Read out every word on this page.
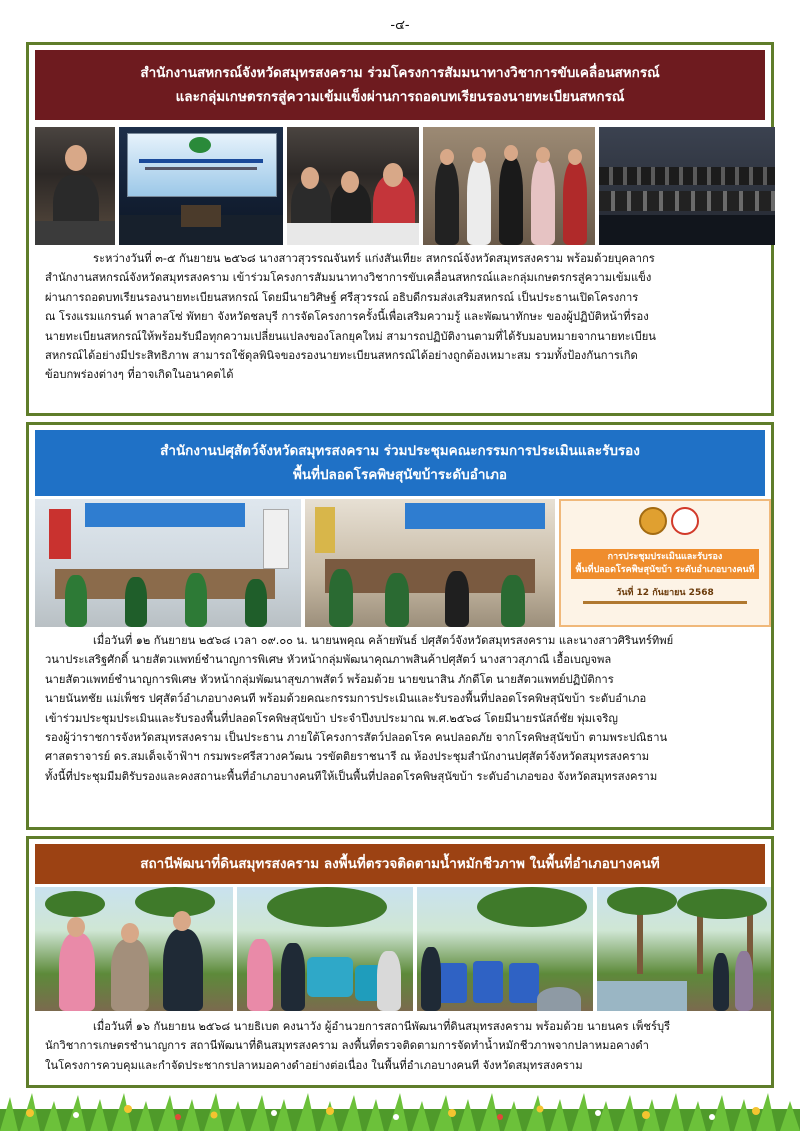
-๔-
สำนักงานสหกรณ์จังหวัดสมุทรสงคราม ร่วมโครงการสัมมนาทางวิชาการขับเคลื่อนสหกรณ์
และกลุ่มเกษตรกรสู่ความเข้มแข็งผ่านการถอดบทเรียนรองนายทะเบียนสหกรณ์
ระหว่างวันที่ ๓-๕ กันยายน ๒๕๖๘ นางสาวสุวรรณจันทร์ แก่งสันเทียะ สหกรณ์จังหวัดสมุทรสงคราม พร้อมด้วยบุคลากร
สำนักงานสหกรณ์จังหวัดสมุทรสงคราม เข้าร่วมโครงการสัมมนาทางวิชาการขับเคลื่อนสหกรณ์และกลุ่มเกษตรกรสู่ความเข้มแข็ง
ผ่านการถอดบทเรียนรองนายทะเบียนสหกรณ์ โดยมีนายวิศิษฐ์ ศรีสุวรรณ์ อธิบดีกรมส่งเสริมสหกรณ์ เป็นประธานเปิดโครงการ
ณ โรงแรมแกรนด์ พาลาสโซ่ พัทยา จังหวัดชลบุรี การจัดโครงการครั้งนี้เพื่อเสริมความรู้ และพัฒนาทักษะ ของผู้ปฏิบัติหน้าที่รอง
นายทะเบียนสหกรณ์ให้พร้อมรับมือทุกความเปลี่ยนแปลงของโลกยุคใหม่ สามารถปฏิบัติงานตามที่ได้รับมอบหมายจากนายทะเบียน
สหกรณ์ได้อย่างมีประสิทธิภาพ สามารถใช้ดุลพินิจของรองนายทะเบียนสหกรณ์ได้อย่างถูกต้องเหมาะสม รวมทั้งป้องกันการเกิด
ข้อบกพร่องต่างๆ ที่อาจเกิดในอนาคตได้
สำนักงานปศุสัตว์จังหวัดสมุทรสงคราม ร่วมประชุมคณะกรรมการประเมินและรับรอง
พื้นที่ปลอดโรคพิษสุนัขบ้าระดับอำเภอ
การประชุมประเมินและรับรอง
พื้นที่ปลอดโรคพิษสุนัขบ้า ระดับอำเภอบางคนที
วันที่ 12 กันยายน 2568
เมื่อวันที่ ๑๒ กันยายน ๒๕๖๘ เวลา ๐๙.๐๐ น. นายนพคุณ คล้ายพันธ์ ปศุสัตว์จังหวัดสมุทรสงคราม และนางสาวศิรินทร์ทิพย์
วนาประเสริฐศักดิ์ นายสัตวแพทย์ชำนาญการพิเศษ หัวหน้ากลุ่มพัฒนาคุณภาพสินค้าปศุสัตว์ นางสาวสุภาณี เอื้อเบญจพล
นายสัตวแพทย์ชำนาญการพิเศษ หัวหน้ากลุ่มพัฒนาสุขภาพสัตว์ พร้อมด้วย นายขนาสิน ภักดีโต นายสัตวแพทย์ปฏิบัติการ
นายนันทชัย แม่เพ็ชร ปศุสัตว์อำเภอบางคนที พร้อมด้วยคณะกรรมการประเมินและรับรองพื้นที่ปลอดโรคพิษสุนัขบ้า ระดับอำเภอ
เข้าร่วมประชุมประเมินและรับรองพื้นที่ปลอดโรคพิษสุนัขบ้า ประจำปีงบประมาณ พ.ศ.๒๕๖๘ โดยมีนายรนัสถ์ชัย พุ่มเจริญ
รองผู้ว่าราชการจังหวัดสมุทรสงคราม เป็นประธาน ภายใต้โครงการสัตว์ปลอดโรค คนปลอดภัย จากโรคพิษสุนัขบ้า ตามพระปณิธาน
ศาสตราจารย์ ดร.สมเด็จเจ้าฟ้าฯ กรมพระศรีสวางควัฒน วรขัตติยราชนารี ณ ห้องประชุมสำนักงานปศุสัตว์จังหวัดสมุทรสงคราม
ทั้งนี้ที่ประชุมมีมติรับรองและคงสถานะพื้นที่อำเภอบางคนทีให้เป็นพื้นที่ปลอดโรคพิษสุนัขบ้า ระดับอำเภอของ จังหวัดสมุทรสงคราม
สถานีพัฒนาที่ดินสมุทรสงคราม ลงพื้นที่ตรวจติดตามน้ำหมักชีวภาพ ในพื้นที่อำเภอบางคนที
เมื่อวันที่ ๑๖ กันยายน ๒๕๖๘ นายธิเบต คงนาวัง ผู้อำนวยการสถานีพัฒนาที่ดินสมุทรสงคราม พร้อมด้วย นายนคร เพ็ชร์บุรี
นักวิชาการเกษตรชำนาญการ สถานีพัฒนาที่ดินสมุทรสงคราม ลงพื้นที่ตรวจติดตามการจัดทำน้ำหมักชีวภาพจากปลาหมอคางดำ
ในโครงการควบคุมและกำจัดประชากรปลาหมอคางดำอย่างต่อเนื่อง ในพื้นที่อำเภอบางคนที จังหวัดสมุทรสงคราม
